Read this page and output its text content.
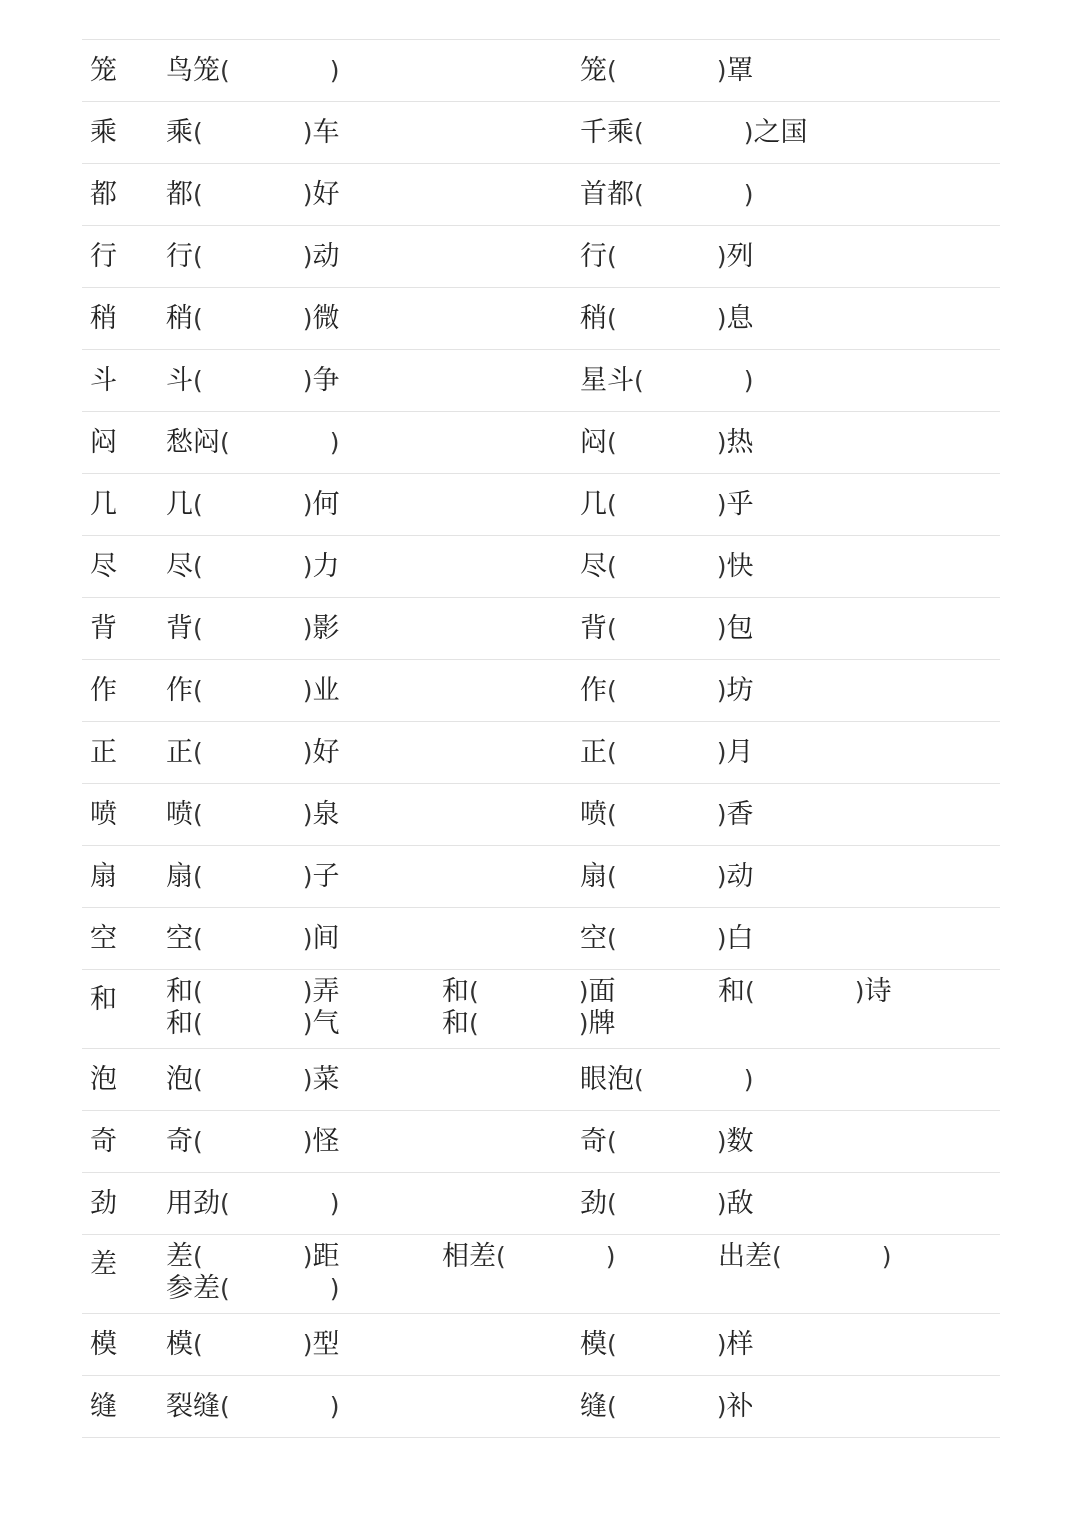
笼 鸟笼(	)	笼(	)罩
乘 乘(	)车	千乘(	)之国
都 都(	)好	首都(	)
行 行(	)动	行(	)列
稍 稍(	)微	稍(	)息
斗 斗(	)争	星斗(	)
闷 愁闷(	)	闷(	)热
几 几(	)何	几(	)乎
尽 尽(	)力	尽(	)快
背 背(	)影	背(	)包
作 作(	)业	作(	)坊
正 正(	)好	正(	)月
喷 喷(	)泉	喷(	)香
扇 扇(	)子	扇(	)动
空 空(	)间	空(	)白
和 和(	)弄	和(	)面	和(	)诗
和(	)气	和(	)牌
泡 泡(	)菜	眼泡(	)
奇 奇(	)怪	奇(	)数
劲 用劲(	)	劲(	)敌
差 差(	)距	相差(	)	出差(	)
参差(	)
模 模(	)型	模(	)样
缝 裂缝(	)	缝(	)补
